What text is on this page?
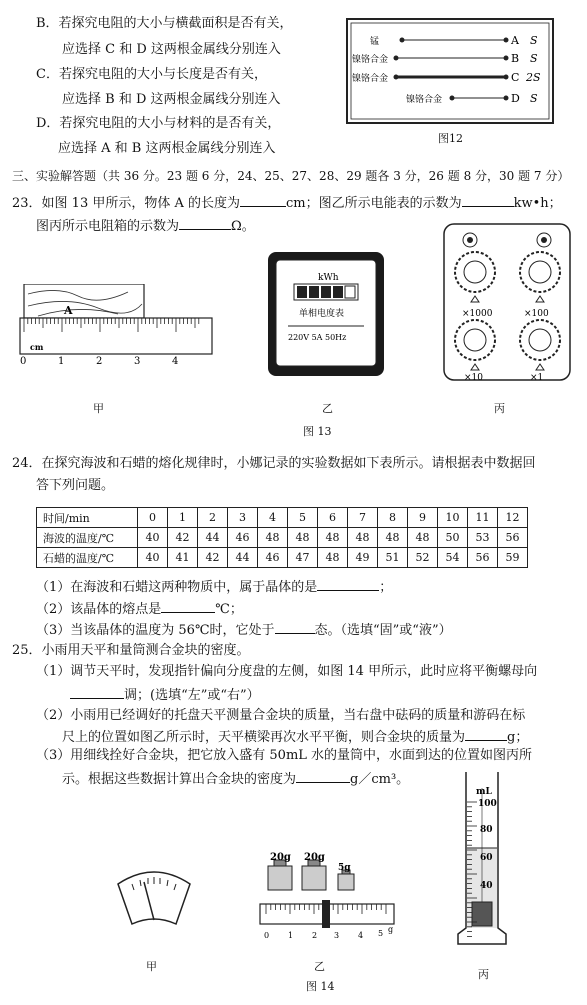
B．若探究电阻的大小与横截面积是否有关，
应选择 C 和 D 这两根金属线分别连入
C．若探究电阻的大小与长度是否有关，
应选择 B 和 D 这两根金属线分别连入
D．若探究电阻的大小与材料的是否有关，
应选择 A 和 B 这两根金属线分别连入
锰
镍铬合金
镍铬合金
镍铬合金
A
B
C
D
S
S
2S
S
图12
三、实验解答题（共 36 分。23 题 6 分，24、25、27、28、29 题各 3 分，26 题 8 分，30 题 7 分）
23．如图 13 甲所示，物体 A 的长度为	cm；图乙所示电能表的示数为	kw•h；
图丙所示电阻箱的示数为	Ω。
A
cm
0	1	2	3	4
kWh
单相电度表
220V 5A 50Hz
×1000	×100
×10	×1
甲	乙	丙
图 13
24．在探究海波和石蜡的熔化规律时，小娜记录的实验数据如下表所示。请根据表中数据回
答下列问题。
时间/min	0	1	2	3	4	5	6	7	8	9	10	11	12
海波的温度/℃	40	42	44	46	48	48	48	48	48	48	50	53	56
石蜡的温度/℃	40	41	42	44	46	47	48	49	51	52	54	56	59
（1）在海波和石蜡这两种物质中，属于晶体的是	；
（2）该晶体的熔点是	℃；
（3）当该晶体的温度为 56℃时，它处于	态。（选填“固”或“液”）
25．小雨用天平和量筒测合金块的密度。
（1）调节天平时，发现指针偏向分度盘的左侧，如图 14 甲所示，此时应将平衡螺母向
调；(选填“左”或“右”）
（2）小雨用已经调好的托盘天平测量合金块的质量，当右盘中砝码的质量和游码在标
尺上的位置如图乙所示时，天平横梁再次水平平衡，则合金块的质量为	g；
（3）用细线拴好合金块，把它放入盛有 50mL 水的量筒中，水面到达的位置如图丙所
示。根据这些数据计算出合金块的密度为	g／cm³。
20g 20g
5g
0 1 2 3 4 5 g
mL
100
80
60
40
甲	乙
丙
图 14
